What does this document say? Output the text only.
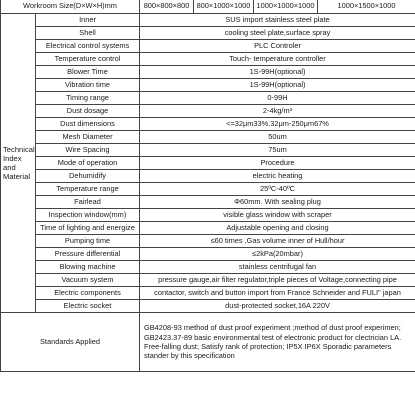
Workroom Size(D×W×H)mm		800×800×800	800×1000×1000	1000×1000×1000	1000×1500×1000
Technical Index and Material	Inner	SUS import stainless steel plate			
	Shell	cooling steel plate,surface spray			
	Electrical control systems	PLC Controler			
	Temperature control	Touch- temperature controller			
	Blower Time	1S-99H(optional)			
	Vibration time	1S-99H(optional)			
	Timing range	0-99H			
	Dust dosage	2-4kg/m³			
	Dust dimensions	<=32μm33%.32μm-250μm67%			
	Mesh Diameter	50um			
	Wire Spacing	75um			
	Mode of operation	Procedure			
	Dehumidify	electric heating			
	Temperature range	25ºC-40ºC			
	Fairlead	Φ60mm. With sealing plug			
	Inspection window(mm)	visible glass window with scraper			
	Time of lighting and energize	Adjustable opening and closing			
	Pumping time	≤60 times ,Gas volume inner of Hull/hour			
	Pressure differential	≤2kPa(20mbar)			
	Blowing machine	stainless centrifugal fan			
	Vacuum system	pressure gauge,air filter regulator,triple pieces of Voltage,connecting pipe			
	Electric components	contactor, switch and button import from France Schneider and FULI" japan			
	Electric socket	dust-protected socket,16A 220V			
Standards Applied		GB4208-93 method of dust proof experiment ;method of dust proof experimen; GB2423.37-89 basic environmental test of electronic product for clectrician LA. Free-falling dust; Satisfy rank of protection; IP5X IP6X Sporadic parameters stander by this specification			
